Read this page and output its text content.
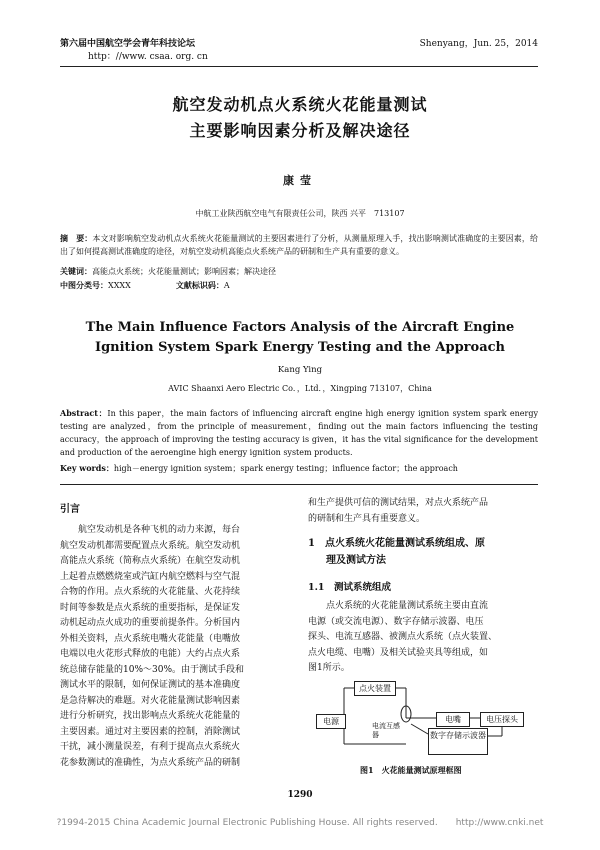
第六届中国航空学会青年科技论坛
http：//www. csaa. org. cn
Shenyang，Jun. 25，2014
航空发动机点火系统火花能量测试
主要影响因素分析及解决途径
康莹
中航工业陕西航空电气有限责任公司，陕西 兴平　713107
摘　要：本文对影响航空发动机点火系统火花能量测试的主要因素进行了分析，从测量原理入手，找出影响测试准确度的主要因素，给出了如何提高测试准确度的途径，对航空发动机高能点火系统产品的研制和生产具有重要的意义。
关键词：高能点火系统；火花能量测试；影响因素；解决途径
中图分类号：XXXX	文献标识码：A
The Main Influence Factors Analysis of the Aircraft Engine
Ignition System Spark Energy Testing and the Approach
Kang Ying
AVIC Shaanxi Aero Electric Co．，Ltd．，Xingping 713107，China
Abstract：In this paper，the main factors of influencing aircraft engine high energy ignition system spark energy testing are analyzed，from the principle of measurement，finding out the main factors influencing the testing accuracy，the approach of improving the testing accuracy is given，it has the vital significance for the development and production of the aeroengine high energy ignition system products.
Key words：high－energy ignition system；spark energy testing；influence factor；the approach
引言
　　航空发动机是各种飞机的动力来源，每台
航空发动机都需要配置点火系统。航空发动机
高能点火系统（简称点火系统）在航空发动机
上起着点燃燃烧室或汽缸内航空燃料与空气混
合物的作用。点火系统的火花能量、火花持续
时间等参数是点火系统的重要指标，是保证发
动机起动点火成功的重要前提条件。分析国内
外相关资料，点火系统电嘴火花能量（电嘴放
电端以电火花形式释放的电能）大约占点火系
统总储存能量的10%～30%。由于测试手段和
测试水平的限制，如何保证测试的基本准确度
是急待解决的难题。对火花能量测试影响因素
进行分析研究，找出影响点火系统火花能量的
主要因素。通过对主要因素的控制，消除测试
干扰，减小测量误差，有利于提高点火系统火
花参数测试的准确性，为点火系统产品的研制
和生产提供可信的测试结果，对点火系统产品
的研制和生产具有重要意义。
1　点火系统火花能量测试系统组成、原
理及测试方法
1.1　测试系统组成
　　点火系统的火花能量测试系统主要由直流
电源（或交流电源）、数字存储示波器、电压
探头、电流互感器、被测点火系统（点火装置、
点火电缆、电嘴）及相关试验夹具等组成，如
图1所示。
电源
点火装置
电嘴	电压探头
数字存储示波器
电流互感器
图1　火花能量测试原理框图
1290
?1994-2015 China Academic Journal Electronic Publishing House. All rights reserved.　　http://www.cnki.net
